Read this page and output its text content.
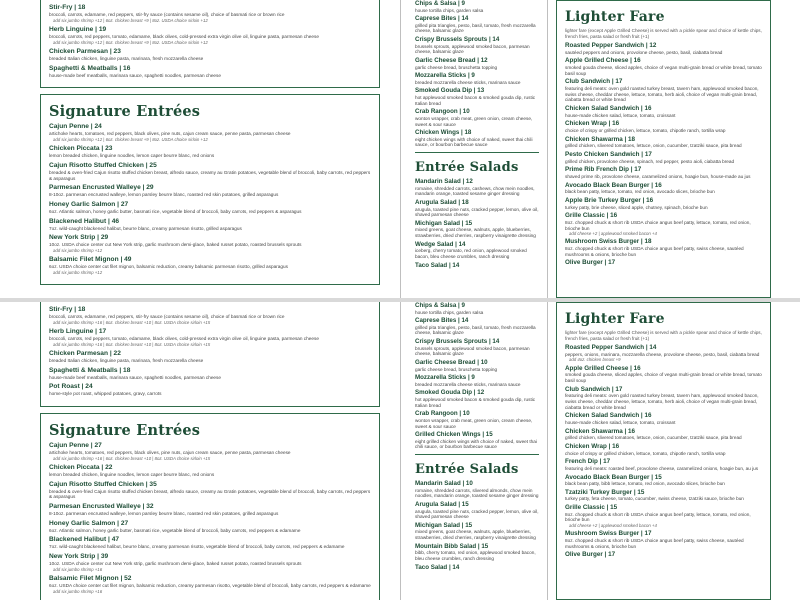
Stir-Fry | 18
broccoli, carrots, edamame, red peppers, stir-fry sauce (contains sesame oil), choice of basmati rice or brown rice
add six jumbo shrimp +12 | 6oz. chicken breast +9 | 8oz. USDA choice sirloin +12
Herb Linguine | 19
broccoli, carrots, red peppers, tomato, edamame, black olives, cold-pressed extra virgin olive oil, linguine pasta, parmesan cheese
add six jumbo shrimp +12 | 6oz. chicken breast +9 | 8oz. USDA choice sirloin +12
Chicken Parmesan | 23
breaded Italian chicken, linguine pasta, marinara, fresh mozzarella cheese
Spaghetti & Meatballs | 16
house-made beef meatballs, marinara sauce, spaghetti noodles, parmesan cheese
Signature Entrées
Cajun Penne | 24
artichoke hearts, tomatoes, red peppers, black olives, pine nuts, cajun cream sauce, penne pasta, parmesan cheese
add six jumbo shrimp +12 | 6oz. chicken breast +9 | 8oz. USDA choice sirloin +12
Chicken Piccata | 23
lemon breaded chicken, linguine noodles, lemon caper beurre blanc, red onions
Cajun Risotto Stuffed Chicken | 25
breaded & oven-fried Cajun risotto stuffed chicken breast, alfredo sauce, creamy au Gratin potatoes, vegetable blend of broccoli, baby carrots, red peppers & asparagus
Parmesan Encrusted Walleye | 29
8-10oz. parmesan encrusted walleye, lemon parsley beurre blanc, roasted red skin potatoes, grilled asparagus
Honey Garlic Salmon | 27
6oz. Atlantic salmon, honey garlic butter, basmati rice, vegetable blend of broccoli, baby carrots, red peppers & asparagus
Blackened Halibut | 46
7oz. wild-caught blackened halibut, beurre blanc, creamy parmesan risotto, grilled asparagus
New York Strip | 29
10oz. USDA choice center cut New York strip, garlic mushroom demi-glace, baked russet potato, roasted brussels sprouts
add six jumbo shrimp +12
Balsamic Filet Mignon | 49
6oz. USDA choice center cut filet mignon, balsamic reduction, creamy balsamic parmesan risotto, grilled asparagus
add six jumbo shrimp +12
Chips & Salsa | 9
house tortilla chips, garden salsa
Caprese Bites | 14
grilled pita triangles, pesto, basil, tomato, fresh mozzarella cheese, balsamic glaze
Crispy Brussels Sprouts | 14
brussels sprouts, applewood smoked bacon, parmesan cheese, balsamic glaze
Garlic Cheese Bread | 12
garlic cheese bread, bruschetta topping
Mozzarella Sticks | 9
breaded mozzarella cheese sticks, marinara sauce
Smoked Gouda Dip | 13
hot applewood smoked bacon & smoked gouda dip, rustic Italian bread
Crab Rangoon | 10
wonton wrapper, crab meat, green onion, cream cheese, sweet & sour sauce
Chicken Wings | 18
eight chicken wings with choice of naked, sweet thai chili sauce, or bourbon barbecue sauce
Entrée Salads
Mandarin Salad | 12
romaine, shredded carrots, cashews, chow mein noodles, mandarin orange, toasted sesame ginger dressing
Arugula Salad | 18
arugula, toasted pine nuts, cracked pepper, lemon, olive oil, shaved parmesan cheese
Michigan Salad | 15
mixed greens, goat cheese, walnuts, apple, blueberries, strawberries, dried cherries, raspberry vinaigrette dressing
Wedge Salad | 14
iceberg, cherry tomato, red onion, applewood smoked bacon, bleu cheese crumbles, ranch dressing
Taco Salad | 14
Lighter Fare
lighter fare (except Apple Grilled Cheese) is served with a pickle spear and choice of kettle chips, french fries, pasta salad or fresh fruit (+1)
Roasted Pepper Sandwich | 12
sautéed peppers and onions, provolone cheese, pesto, basil, ciabatta bread
Apple Grilled Cheese | 16
smoked gouda cheese, sliced apples, choice of vegan multi-grain bread or white bread, tomato basil soup
Club Sandwich | 17
featuring deli meats: oven gold roasted turkey breast, tavern ham, applewood smoked bacon, swiss cheese, cheddar cheese, lettuce, tomato, herb aioli, choice of vegan multi-grain bread, ciabatta bread or white bread
Chicken Salad Sandwich | 16
house-made chicken salad, lettuce, tomato, croissant
Chicken Wrap | 16
choice of crispy or grilled chicken, lettuce, tomato, chipotle ranch, tortilla wrap
Chicken Shawarma | 18
grilled chicken, slivered tomatoes, lettuce, onion, cucumber, tzatziki sauce, pita bread
Pesto Chicken Sandwich | 17
grilled chicken, provolone cheese, spinach, red pepper, pesto aioli, ciabatta bread
Prime Rib French Dip | 17
shaved prime rib, provolone cheese, caramelized onions, hoagie bun, house-made au jus
Avocado Black Bean Burger | 16
black bean patty, lettuce, tomato, red onion, avocado slices, brioche bun
Apple Brie Turkey Burger | 16
turkey patty, brie cheese, sliced apple, chutney, spinach, brioche bun
Grille Classic | 16
8oz. chopped chuck & short rib USDA choice angus beef patty, lettuce, tomato, red onion, brioche bun
add cheese +2 | applewood smoked bacon +4
Mushroom Swiss Burger | 18
8oz. chopped chuck & short rib USDA choice angus beef patty, swiss cheese, sautéed mushrooms & onions, brioche bun
Olive Burger | 17
Stir-Fry | 18
broccoli, carrots, edamame, red peppers, stir-fry sauce (contains sesame oil), choice of basmati rice or brown rice
add six jumbo shrimp +16 | 6oz. chicken breast +10 | 8oz. USDA choice sirloin +15
Herb Linguine | 17
broccoli, carrots, red peppers, tomato, edamame, black olives, cold-pressed extra virgin olive oil, linguine pasta, parmesan cheese
add six jumbo shrimp +16 | 6oz. chicken breast +10 | 8oz. USDA choice sirloin +15
Chicken Parmesan | 22
breaded Italian chicken, linguine pasta, marinara, fresh mozzarella cheese
Spaghetti & Meatballs | 18
house-made beef meatballs, marinara sauce, spaghetti noodles, parmesan cheese
Pot Roast | 24
home-style pot roast, whipped potatoes, gravy, carrots
Signature Entrées
Cajun Penne | 27
artichoke hearts, tomatoes, red peppers, black olives, pine nuts, cajun cream sauce, penne pasta, parmesan cheese
add six jumbo shrimp +16 | 6oz. chicken breast +10 | 8oz. USDA choice sirloin +15
Chicken Piccata | 22
lemon breaded chicken, linguine noodles, lemon caper beurre blanc, red onions
Cajun Risotto Stuffed Chicken | 35
breaded & oven-fried Cajun risotto stuffed chicken breast, alfredo sauce, creamy au Gratin potatoes, vegetable blend of broccoli, baby carrots, red peppers & asparagus
Parmesan Encrusted Walleye | 32
8-10oz. parmesan encrusted walleye, lemon parsley beurre blanc, roasted red skin potatoes, grilled asparagus
Honey Garlic Salmon | 27
6oz. Atlantic salmon, honey garlic butter, basmati rice, vegetable blend of broccoli, baby carrots, red peppers & edamame
Blackened Halibut | 47
7oz. wild-caught blackened halibut, beurre blanc, creamy parmesan risotto, vegetable blend of broccoli, baby carrots, red peppers & edamame
New York Strip | 39
10oz. USDA choice center cut New York strip, garlic mushroom demi-glace, baked russet potato, roasted brussels sprouts
add six jumbo shrimp +16
Balsamic Filet Mignon | 52
6oz. USDA choice center cut filet mignon, balsamic reduction, creamy parmesan risotto, vegetable blend of broccoli, baby carrots, red peppers & edamame
add six jumbo shrimp +16
Chips & Salsa | 9
house tortilla chips, garden salsa
Caprese Bites | 14
grilled pita triangles, pesto, basil, tomato, fresh mozzarella cheese, balsamic glaze
Crispy Brussels Sprouts | 14
brussels sprouts, applewood smoked bacon, parmesan cheese, balsamic glaze
Garlic Cheese Bread | 10
garlic cheese bread, bruschetta topping
Mozzarella Sticks | 9
breaded mozzarella cheese sticks, marinara sauce
Smoked Gouda Dip | 12
hot applewood smoked bacon & smoked gouda dip, rustic Italian bread
Crab Rangoon | 10
wonton wrapper, crab meat, green onion, cream cheese, sweet & sour sauce
Grilled Chicken Wings | 15
eight grilled chicken wings with choice of naked, sweet thai chili sauce, or bourbon barbecue sauce
Entrée Salads
Mandarin Salad | 10
romaine, shredded carrots, slivered almonds, chow mein noodles, mandarin orange, toasted sesame ginger dressing
Arugula Salad | 15
arugula, toasted pine nuts, cracked pepper, lemon, olive oil, shaved parmesan cheese
Michigan Salad | 15
mixed greens, goat cheese, walnuts, apple, blueberries, strawberries, dried cherries, raspberry vinaigrette dressing
Mountain Bibb Salad | 15
bibb, cherry tomato, red onion, applewood smoked bacon, bleu cheese crumbles, ranch dressing
Taco Salad | 14
Lighter Fare
lighter fare (except Apple Grilled Cheese) is served with a pickle spear and choice of kettle chips, french fries, pasta salad or fresh fruit (+1)
Roasted Pepper Sandwich | 14
peppers, onions, marinara, mozzarella cheese, provolone cheese, pesto, basil, ciabatta bread
add 4oz. chicken breast +9
Apple Grilled Cheese | 16
smoked gouda cheese, sliced apples, choice of vegan multi-grain bread or white bread, tomato basil soup
Club Sandwich | 17
featuring deli meats: oven gold roasted turkey breast, tavern ham, applewood smoked bacon, swiss cheese, cheddar cheese, lettuce, tomato, herb aioli, choice of vegan multi-grain bread, ciabatta bread or white bread
Chicken Salad Sandwich | 16
house-made chicken salad, lettuce, tomato, croissant
Chicken Shawarma | 16
grilled chicken, slivered tomatoes, lettuce, onion, cucumber, tzatziki sauce, pita bread
Chicken Wrap | 16
choice of crispy or grilled chicken, lettuce, tomato, chipotle ranch, tortilla wrap
French Dip | 17
featuring deli meats: roasted beef, provolone cheese, caramelized onions, hoagie bun, au jus
Avocado Black Bean Burger | 15
black bean patty, bibb lettuce, tomato, red onion, avocado slices, brioche bun
Tzatziki Turkey Burger | 15
turkey patty, feta cheese, tomato, cucumber, swiss cheese, tzatziki sauce, brioche bun
Grille Classic | 15
8oz. chopped chuck & short rib USDA choice angus beef patty, lettuce, tomato, red onion, brioche bun
add cheese +2 | applewood smoked bacon +4
Mushroom Swiss Burger | 17
8oz. chopped chuck & short rib USDA choice angus beef patty, swiss cheese, sautéed mushrooms & onions, brioche bun
Olive Burger | 17
